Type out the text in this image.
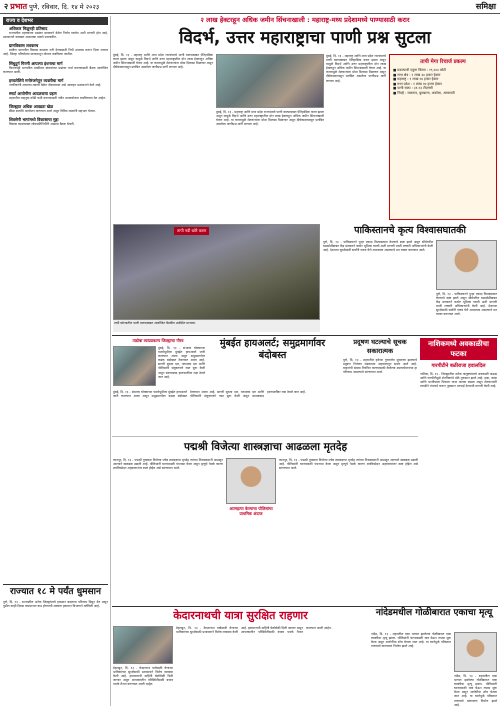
२ प्रभात पुणे, रविवार, दि. १४ मे २०२३	समिक्षा
राज्य व देशभर

अधिकार मिळूनही प्रतिसाद

राज्यातील महत्त्वाच्या प्रश्नांवर सरकारने वेळेत निर्णय घ्यावेत अशी मागणी होत आहे. प्रशासनाने याबाबत आवश्यक पावले उचलावीत.

ग्रामविकास लवकरच

ग्रामीण भागातील विकास कामांना गती देण्यासाठी निधी उपलब्ध करून दिला जाणार आहे. जिल्हा परिषदेच्या माध्यमातून योजना राबविल्या जातील.

सिंधुदुर्ग गिरणी आपल्या इंधनाचा मार्ग

किनारपट्टी भागातील मच्छीमार बांधवांच्या प्रश्नांवर चर्चा करण्यासाठी बैठक आयोजित करण्यात आली.

हरवलेलिये मनोरंजनेतून व्यक्तीचा मार्ग

नागरिकांनी आपल्या तक्रारी वेळेत नोंदवाव्यात असे आवाहन प्रशासनाने केले आहे.

स्मार्ट आयोगीण आदलवाया ग्रहण

शहरातील वाहतूक कोंडी कमी करण्यासाठी नवीन उपाययोजना राबविण्यात येत आहेत.

जिल्ह्यात अधिक आवडता खेळ

क्रीडा स्पर्धांचे आयोजन करण्यात आले असून विविध शाळांनी सहभाग घेतला.

शिवसेनी भागांमध्ये विकासाचा मुद्दा

विकास कामांबाबत लोकप्रतिनिधींनी आढावा बैठक घेतली.

राज्यात १८ मे पर्यंत धुमसान
पुणे, दि. १३ - राज्यातील अनेक जिल्ह्यांमध्ये हवामान बदलाचा परिणाम दिसून येत असून पुढील काही दिवस तापमानात वाढ होण्याची शक्यता हवामान विभागाने वर्तविली आहे.
२ लाख हेक्टरहून अधिक जमीन सिंचनाखाली : महाराष्ट्र-मध्य प्रदेशामध्ये पाण्यासाठी करार
विदर्भ, उत्तर महाराष्ट्राचा पाणी प्रश्न सुटला
मुंबई, दि. १३ - महाराष्ट्र आणि मध्य प्रदेश राज्यांमध्ये पाणी वाटपाबाबत ऐतिहासिक करार झाला असून यामुळे विदर्भ आणि उत्तर महाराष्ट्रातील दोन लाख हेक्टरहून अधिक जमीन सिंचनाखाली येणार आहे. या करारामुळे शेतकऱ्यांना मोठा दिलासा मिळणार असून दीर्घकाळापासून प्रलंबित असलेला पाणीप्रश्न मार्गी लागला आहे.
मुंबई, दि. १३ - महाराष्ट्र आणि मध्य प्रदेश राज्यांमध्ये पाणी वाटपाबाबत ऐतिहासिक करार झाला असून यामुळे विदर्भ आणि उत्तर महाराष्ट्रातील दोन लाख हेक्टरहून अधिक जमीन सिंचनाखाली येणार आहे. या करारामुळे शेतकऱ्यांना मोठा दिलासा मिळणार असून दीर्घकाळापासून प्रलंबित असलेला पाणीप्रश्न मार्गी लागला आहे.
मुंबई, दि. १३ - महाराष्ट्र आणि मध्य प्रदेश राज्यांमध्ये पाणी वाटपाबाबत ऐतिहासिक करार झाला असून यामुळे विदर्भ आणि उत्तर महाराष्ट्रातील दोन लाख हेक्टरहून अधिक जमीन सिंचनाखाली येणार आहे. या करारामुळे शेतकऱ्यांना मोठा दिलासा मिळणार असून दीर्घकाळापासून प्रलंबित असलेला पाणीप्रश्न मार्गी लागला आहे.
तापी मेगा रिचार्ज प्रकल्प
■ प्रकल्पाची एकूण किंमत : १९,२४४ कोटी
■ लाभ क्षेत्र : २ लाख ३४ हजार हेक्टर
■ महाराष्ट्र : १ लाख १७ हजार हेक्टर
■ मध्य प्रदेश : १ लाख १७ हजार हेक्टर
■ पाणी साठा : ३१.१३ टीएमसी
■ जिल्हे : जळगाव, बुलढाणा, अकोला, अमरावती
तापी नदी खोरे करार
तापी खोऱ्यातील पाणी वाटपाबाबत आयोजित बैठकीत उपस्थित मान्यवर.
पाकिस्तानचे कृत्य विश्वासघातकी
पुणे, दि. १३ - पाकिस्तानने पुन्हा एकदा विश्वासघात केल्याचे स्पष्ट झाले असून सीमेवरील घडामोडींबाबत केंद्र सरकारने कठोर भूमिका घ्यावी अशी मागणी माजी लष्करी अधिकाऱ्यांनी केली आहे. देशाच्या सुरक्षेसाठी सर्वांनी एकत्र येणे आवश्यक असल्याचे मत व्यक्त करण्यात आले.
पुणे, दि. १३ - पाकिस्तानने पुन्हा एकदा विश्वासघात केल्याचे स्पष्ट झाले असून सीमेवरील घडामोडींबाबत केंद्र सरकारने कठोर भूमिका घ्यावी अशी मागणी माजी लष्करी अधिकाऱ्यांनी केली आहे. देशाच्या सुरक्षेसाठी सर्वांनी एकत्र येणे आवश्यक असल्याचे मत व्यक्त करण्यात आले.
ताडोबा व्याघ्रप्रकल्प जिल्ह्याचा गौरव
मुंबई, दि. १३ - संभाव्य धोक्याच्या पार्श्वभूमीवर मुंबईत हायअलर्ट जारी करण्यात आला असून समुद्रमार्गावर कडक बंदोबस्त ठेवण्यात आला आहे. सागरी सुरक्षा दल, तटरक्षक दल आणि पोलिसांनी संयुक्तपणे गस्त सुरू केली असून संशयास्पद हालचालींवर लक्ष ठेवले जात आहे.
मुंबईत हायअलर्ट; समुद्रमार्गावर बंदोबस्त
मुंबई, दि. १३ - संभाव्य धोक्याच्या पार्श्वभूमीवर मुंबईत हायअलर्ट जारी करण्यात आला असून समुद्रमार्गावर कडक बंदोबस्त ठेवण्यात आला आहे. सागरी सुरक्षा दल, तटरक्षक दल आणि पोलिसांनी संयुक्तपणे गस्त सुरू केली असून संशयास्पद हालचालींवर लक्ष ठेवले जात आहे.
प्रदूषण घटल्याचे सूचक सकारात्मक
पुणे, दि. १३ - शहरातील हवेच्या गुणवत्तेत सुधारणा झाल्याचे प्रदूषण नियंत्रण मंडळाच्या अहवालातून समोर आले आहे. वाहनांची संख्या नियंत्रित करण्यासाठी केलेल्या उपाययोजनांचा हा परिणाम असल्याचे सांगण्यात आले.
नाशिकमध्ये अवकाळीचा फटका
गारपीटीने बळीराजा हवालदिल
नाशिक, दि. १३ - जिल्ह्यातील अनेक तालुक्यांमध्ये अवकाळी पाऊस आणि गारपीटीमुळे शेतपिकांचे मोठे नुकसान झाले आहे. द्राक्ष, कांदा आणि भाजीपाला पिकांना याचा फटका बसला असून शेतकऱ्यांनी तातडीने पंचनामे करून नुकसान भरपाई देण्याची मागणी केली आहे.
पद्मश्री विजेत्या शास्त्रज्ञाचा आढळला मृतदेह
कानपूर, दि. १३ - पद्मश्री पुरस्कार विजेत्या ज्येष्ठ शास्त्रज्ञाचा मृतदेह त्यांच्या निवासस्थानी आढळून आल्याने खळबळ उडाली आहे. पोलिसांनी घटनास्थळी पंचनामा केला असून मृत्यूचे नेमके कारण शवविच्छेदन अहवालानंतर स्पष्ट होईल असे सांगण्यात आले.
आत्महत्या केल्याचा पोलिसांचा प्राथमिक अंदाज
कानपूर, दि. १३ - पद्मश्री पुरस्कार विजेत्या ज्येष्ठ शास्त्रज्ञाचा मृतदेह त्यांच्या निवासस्थानी आढळून आल्याने खळबळ उडाली आहे. पोलिसांनी घटनास्थळी पंचनामा केला असून मृत्यूचे नेमके कारण शवविच्छेदन अहवालानंतर स्पष्ट होईल असे सांगण्यात आले.
केदारनाथची यात्रा सुरक्षित राहणार
डेहराडून, दि. १३ - केदारनाथ यात्रेसाठी येणाऱ्या भाविकांच्या सुरक्षेसाठी प्रशासनाने विशेष व्यवस्था केली आहे. हवामानाची माहिती वेळोवेळी दिली जाणार असून आपत्कालीन परिस्थितीसाठी बचाव पथके तैनात करण्यात आली आहेत.
डेहराडून, दि. १३ - केदारनाथ यात्रेसाठी येणाऱ्या भाविकांच्या सुरक्षेसाठी प्रशासनाने विशेष व्यवस्था केली आहे. हवामानाची माहिती वेळोवेळी दिली जाणार असून आपत्कालीन परिस्थितीसाठी बचाव पथके तैनात करण्यात आली आहेत.
नांदेडमधील गोळीबारात एकाचा मृत्यू
नांदेड, दि. १३ - शहरातील एका भागात झालेल्या गोळीबारात एका व्यक्तीचा मृत्यू झाला. पोलिसांनी घटनास्थळी धाव घेऊन तपास सुरू केला असून आरोपींचा शोध घेतला जात आहे. या घटनेमुळे परिसरात तणावाचे वातावरण निर्माण झाले आहे.
नांदेड, दि. १३ - शहरातील एका भागात झालेल्या गोळीबारात एका व्यक्तीचा मृत्यू झाला. पोलिसांनी घटनास्थळी धाव घेऊन तपास सुरू केला असून आरोपींचा शोध घेतला जात आहे. या घटनेमुळे परिसरात तणावाचे वातावरण निर्माण झाले आहे.
